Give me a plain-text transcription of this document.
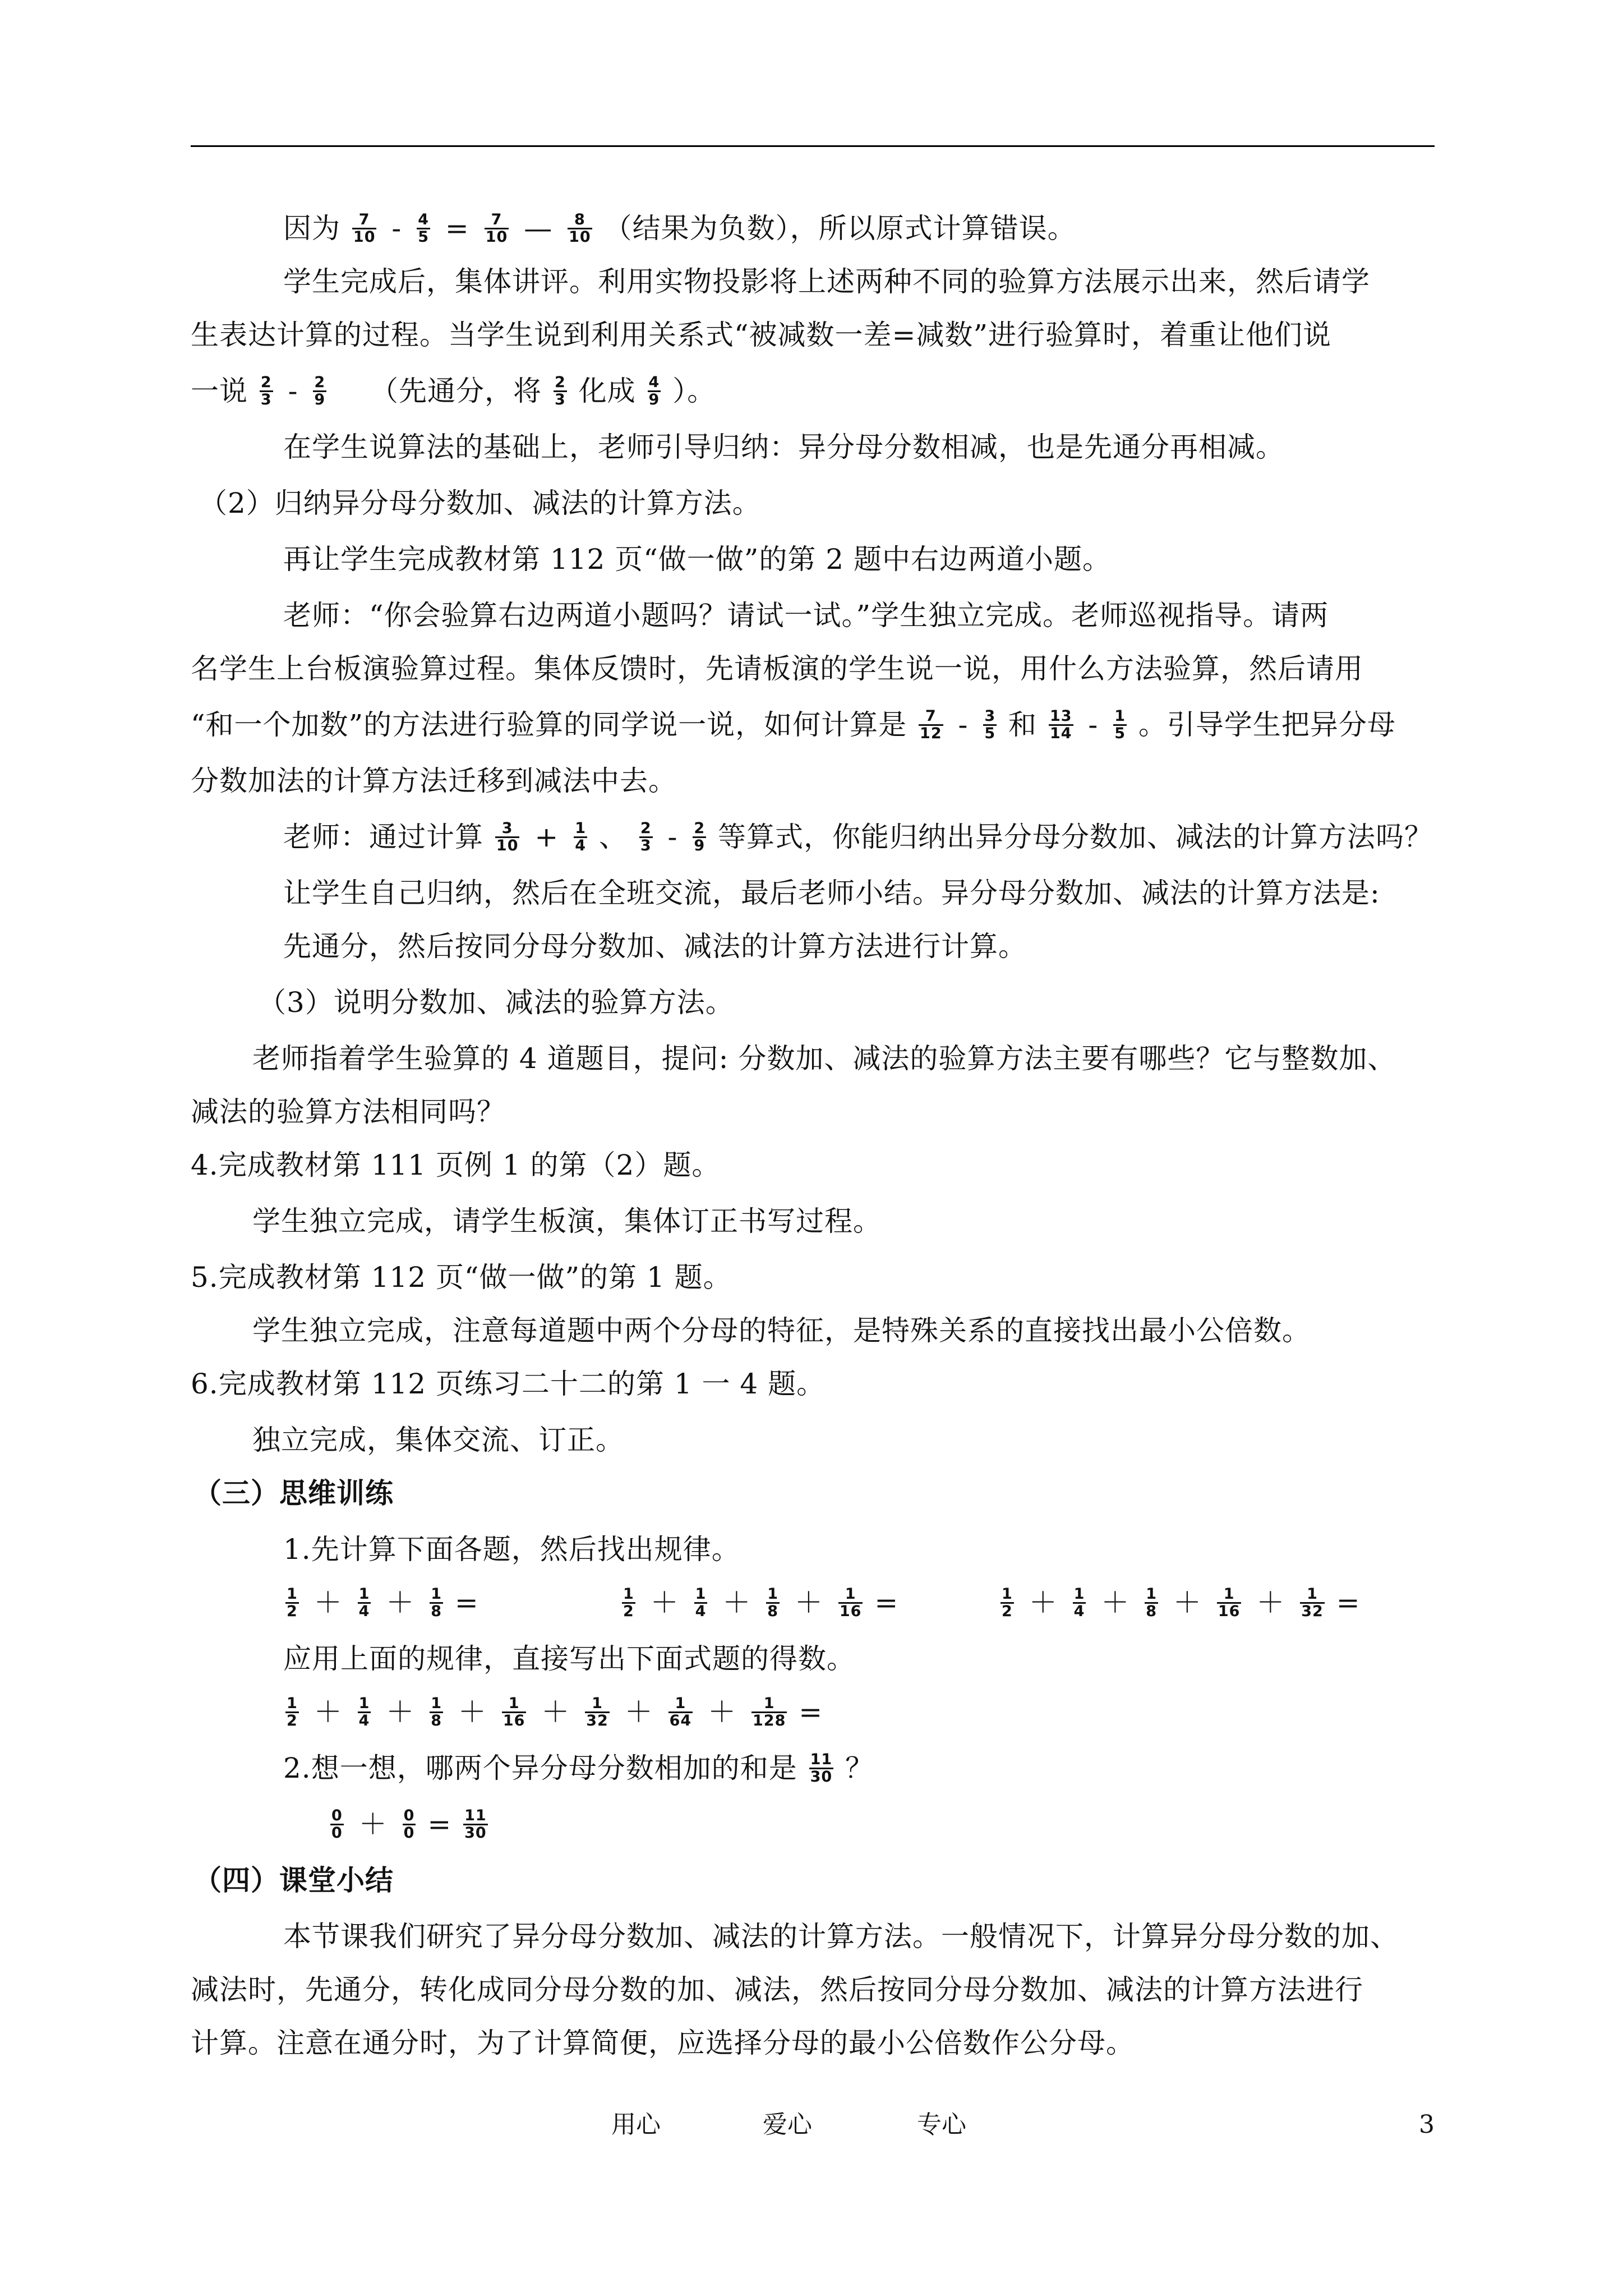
因为 $\frac{7}{10} - \frac{4}{5} = \frac{7}{10}$ — $\frac{8}{10}$ （结果为负数），所以原式计算错误。
学生完成后，集体讲评。利用实物投影将上述两种不同的验算方法展示出来，然后请学
生表达计算的过程。当学生说到利用关系式“被减数一差=减数”进行验算时，着重让他们说
一说 $\frac{2}{3} - \frac{2}{9}$ （先通分，将 $\frac{2}{3}$ 化成 $\frac{4}{9}$ ）。
在学生说算法的基础上，老师引导归纳：异分母分数相减，也是先通分再相减。
（2）归纳异分母分数加、减法的计算方法。
再让学生完成教材第 112 页“做一做”的第 2 题中右边两道小题。
老师：“你会验算右边两道小题吗？请试一试。”学生独立完成。老师巡视指导。请两
名学生上台板演验算过程。集体反馈时，先请板演的学生说一说，用什么方法验算，然后请用
“和一个加数”的方法进行验算的同学说一说，如何计算是 $\frac{7}{12} - \frac{3}{5}$ 和 $\frac{13}{14} - \frac{1}{5}$ 。引导学生把异分母
分数加法的计算方法迁移到减法中去。
老师：通过计算 $\frac{3}{10} + \frac{1}{4}$ 、 $\frac{2}{3} - \frac{2}{9}$ 等算式，你能归纳出异分母分数加、减法的计算方法吗？
让学生自己归纳，然后在全班交流，最后老师小结。异分母分数加、减法的计算方法是:
先通分，然后按同分母分数加、减法的计算方法进行计算。
（3）说明分数加、减法的验算方法。
老师指着学生验算的 4 道题目，提问: 分数加、减法的验算方法主要有哪些？它与整数加、
减法的验算方法相同吗？
4.完成教材第 111 页例 1 的第（2）题。
学生独立完成，请学生板演，集体订正书写过程。
5.完成教材第 112 页“做一做”的第 1 题。
学生独立完成，注意每道题中两个分母的特征，是特殊关系的直接找出最小公倍数。
6.完成教材第 112 页练习二十二的第 1 一 4 题。
独立完成，集体交流、订正。
（三）思维训练
1.先计算下面各题，然后找出规律。
$\frac{1}{2} + \frac{1}{4} + \frac{1}{8}$ =	$\frac{1}{2} + \frac{1}{4} + \frac{1}{8} + \frac{1}{16}$ =	$\frac{1}{2} + \frac{1}{4} + \frac{1}{8} + \frac{1}{16} + \frac{1}{32}$ =
应用上面的规律，直接写出下面式题的得数。
$\frac{1}{2} + \frac{1}{4} + \frac{1}{8} + \frac{1}{16} + \frac{1}{32} + \frac{1}{64} + \frac{1}{128}$ =
2.想一想，哪两个异分母分数相加的和是 $\frac{11}{30}$ ？
$\frac{0}{0} + \frac{0}{0} = \frac{11}{30}$
（四）课堂小结
本节课我们研究了异分母分数加、减法的计算方法。一般情况下，计算异分母分数的加、
减法时，先通分，转化成同分母分数的加、减法，然后按同分母分数加、减法的计算方法进行
计算。注意在通分时，为了计算简便，应选择分母的最小公倍数作公分母。
用心	爱心	专心	3
